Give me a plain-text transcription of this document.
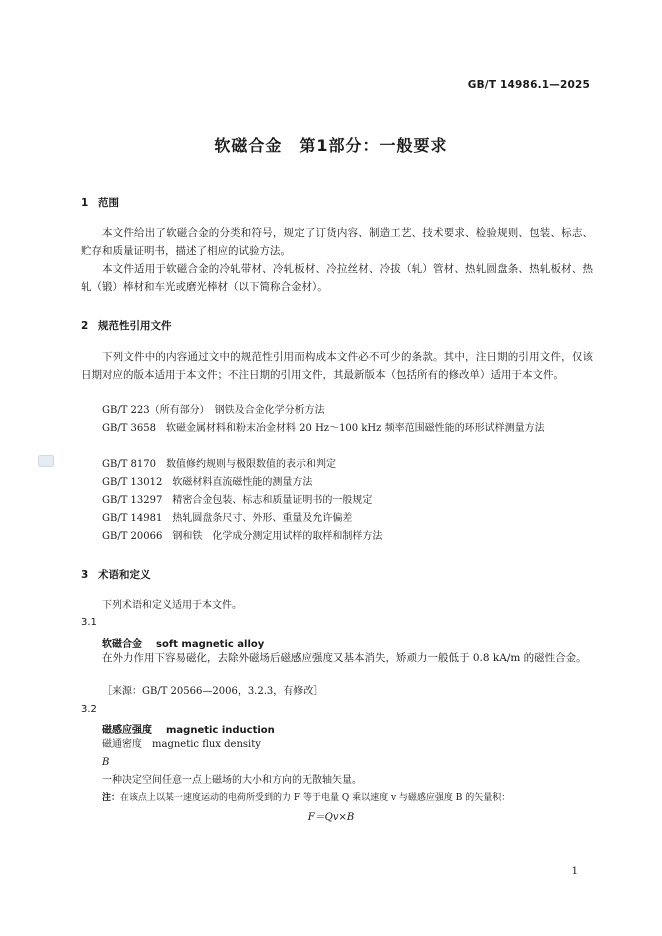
GB/T 14986.1—2025
软磁合金　第1部分：一般要求
1 范围

本文件给出了软磁合金的分类和符号，规定了订货内容、制造工艺、技术要求、检验规则、包装、标志、贮存和质量证明书，描述了相应的试验方法。

本文件适用于软磁合金的冷轧带材、冷轧板材、冷拉丝材、冷拔（轧）管材、热轧圆盘条、热轧板材、热轧（锻）棒材和车光或磨光棒材（以下简称合金材）。

2 规范性引用文件

下列文件中的内容通过文中的规范性引用而构成本文件必不可少的条款。其中，注日期的引用文件，仅该日期对应的版本适用于本文件；不注日期的引用文件，其最新版本（包括所有的修改单）适用于本文件。

GB/T 223（所有部分）　钢铁及合金化学分析方法
GB/T 3658　软磁金属材料和粉末冶金材料 20 Hz～100 kHz 频率范围磁性能的环形试样测量方法
GB/T 8170　数值修约规则与极限数值的表示和判定
GB/T 13012　软磁材料直流磁性能的测量方法
GB/T 13297　精密合金包装、标志和质量证明书的一般规定
GB/T 14981　热轧圆盘条尺寸、外形、重量及允许偏差
GB/T 20066　钢和铁　化学成分测定用试样的取样和制样方法
3 术语和定义
下列术语和定义适用于本文件。
3.1
软磁合金 soft magnetic alloy

在外力作用下容易磁化，去除外磁场后磁感应强度又基本消失，矫顽力一般低于 0.8 kA/m 的磁性合金。

［来源：GB/T 20566—2006，3.2.3，有修改］
3.2
磁感应强度 magnetic induction
磁通密度　magnetic flux density
B
一种决定空间任意一点上磁场的大小和方向的无散轴矢量。
注：在该点上以某一速度运动的电荷所受到的力 F 等于电量 Q 乘以速度 v 与磁感应强度 B 的矢量积：
F＝Qv×B
1
